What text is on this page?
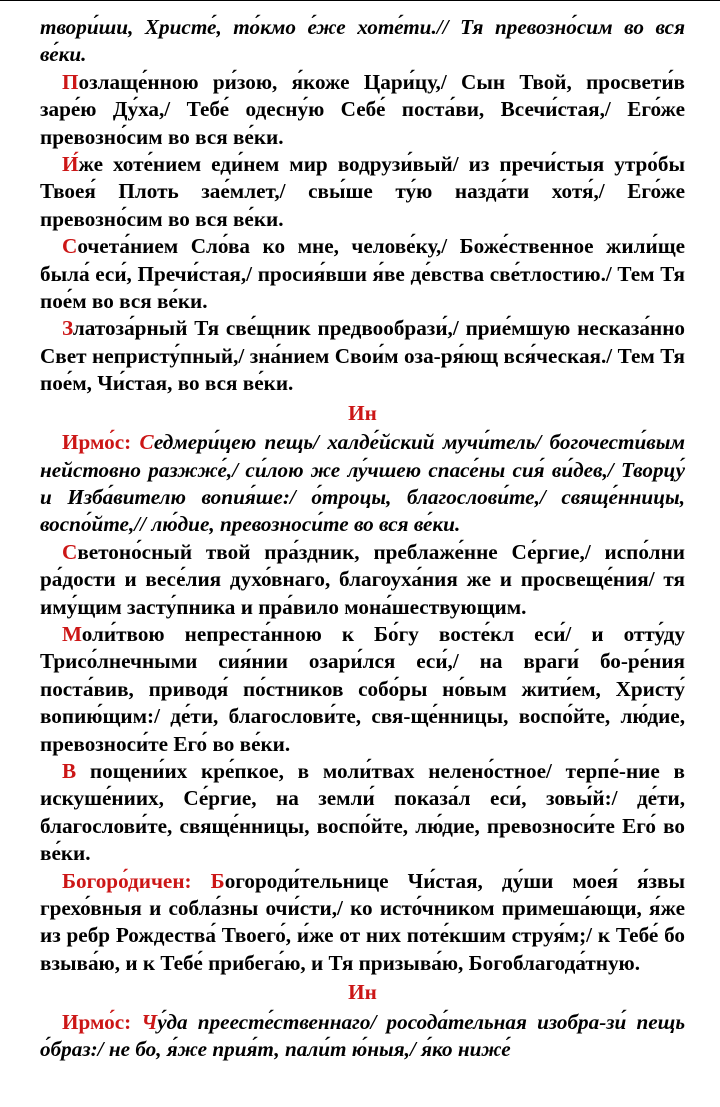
твори́ши, Христе́, то́кмо е́же хоте́ти.// Тя превозно́сим во вся ве́ки.

Позлаще́нною ри́зою, я́коже Цари́цу,/ Сын Твой, просвети́в заре́ю Ду́ха,/ Тебе́ одесну́ю Себе́ поста́ви, Всечи́стая,/ Его́же превозно́сим во вся ве́ки.

И́же хоте́нием еди́нем мир водрузи́вый/ из пречи́стыя утро́бы Твоея́ Плоть зае́млет,/ свы́ше ту́ю назда́ти хотя́,/ Его́же превозно́сим во вся ве́ки.

Сочета́нием Сло́ва ко мне, челове́ку,/ Боже́ственное жили́ще была́ еси́, Пречи́стая,/ просия́вши я́ве де́вства све́тлостию./ Тем Тя пое́м во вся ве́ки.

Златоза́рный Тя све́щник предвообрази́,/ прие́мшую несказа́нно Свет непристу́пный,/ зна́нием Свои́м оза-ря́ющ вся́ческая./ Тем Тя пое́м, Чи́стая, во вся ве́ки.

Ин

Ирмо́с: Седмери́цею пещь/ халде́йский мучи́тель/ богочести́вым нейстовно разжже́,/ си́лою же лу́чшею спасе́ны сия́ ви́дев,/ Творцу́ и Изба́вителю вопия́ше:/ о́троцы, благослови́те,/ свяще́нницы, воспо́йте,// лю́дие, превозноси́те во вся ве́ки.

Светоно́сный твой пра́здник, преблаже́нне Се́ргие,/ испо́лни ра́дости и весе́лия духо́внаго, благоуха́ния же и просвеще́ния/ тя иму́щим засту́пника и пра́вило мона́шествующим.

Моли́твою непреста́нною к Бо́гу восте́кл еси́/ и отту́ду Трисо́лнечными сия́нии озари́лся еси́,/ на враги́ бо-ре́ния поста́вив, приводя́ по́стников собо́ры но́вым жити́ем, Христу́ вопию́щим:/ де́ти, благослови́те, свя-ще́нницы, воспо́йте, лю́дие, превозноси́те Его́ во ве́ки.

В пощени́их кре́пкое, в моли́твах нелено́стное/ терпе́-ние в искуше́ниих, Се́ргие, на земли́ показа́л еси́, зовы́й:/ де́ти, благослови́те, свяще́нницы, воспо́йте, лю́дие, превозноси́те Его́ во ве́ки.

Богоро́дичен: Богороди́тельнице Чи́стая, ду́ши моея́ я́звы грехо́вныя и собла́зны очи́сти,/ ко исто́чником примеша́ющи, я́же из ребр Рождества́ Твоего́, и́же от них поте́кшим струя́м;/ к Тебе́ бо взыва́ю, и к Тебе́ прибега́ю, и Тя призыва́ю, Богоблагода́тную.

Ин

Ирмо́с: Чу́да преесте́ственнаго/ росода́тельная изобра-зи́ пещь о́браз:/ не бо, я́же прия́т, пали́т ю́ныя,/ я́ко ниже́
